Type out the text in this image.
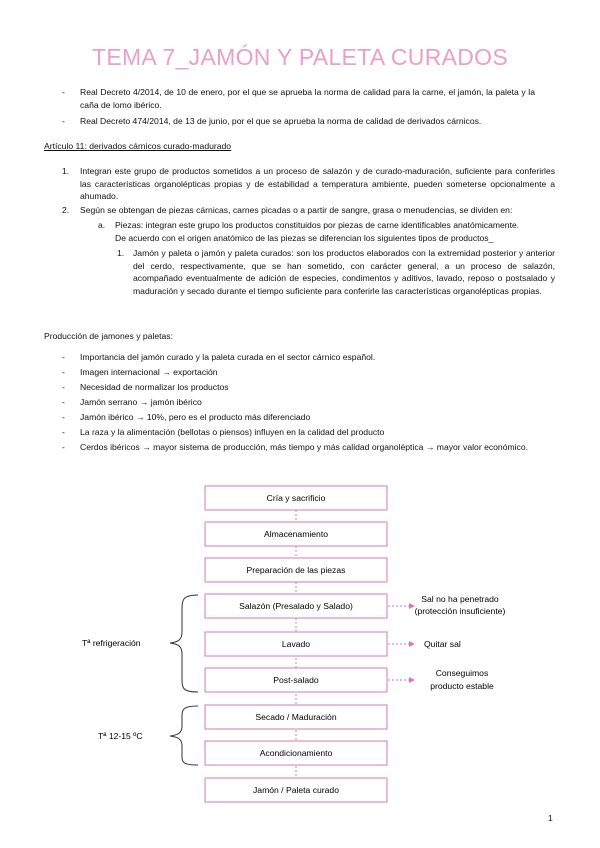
TEMA 7_JAMÓN Y PALETA CURADOS
- Real Decreto 4/2014, de 10 de enero, por el que se aprueba la norma de calidad para la carne, el jamón, la paleta y la caña de lomo ibérico.
- Real Decreto 474/2014, de 13 de junio, por el que se aprueba la norma de calidad de derivados cárnicos.
Artículo 11: derivados cárnicos curado-madurado
1. Integran este grupo de productos sometidos a un proceso de salazón y de curado-maduración, suficiente para conferirles las características organolépticas propias y de estabilidad a temperatura ambiente, pueden someterse opcionalmente a ahumado.
2. Según se obtengan de piezas cárnicas, carnes picadas o a partir de sangre, grasa o menudencias, se dividen en:
a. Piezas: integran este grupo los productos constituidos por piezas de carne identificables anatómicamente.
De acuerdo con el origen anatómico de las piezas se diferencian los siguientes tipos de productos_
1. Jamón y paleta o jamón y paleta curados: son los productos elaborados con la extremidad posterior y anterior del cerdo, respectivamente, que se han sometido, con carácter general, a un proceso de salazón, acompañado eventualmente de adición de especies, condimentos y aditivos, lavado, reposo o postsalado y maduración y secado durante el tiempo suficiente para conferirle las características organolépticas propias.
Producción de jamones y paletas:
- Importancia del jamón curado y la paleta curada en el sector cárnico español.
- Imagen internacional → exportación
- Necesidad de normalizar los productos
- Jamón serrano → jamón ibérico
- Jamón ibérico → 10%, pero es el producto más diferenciado
- La raza y la alimentación (bellotas o piensos) influyen en la calidad del producto
- Cerdos ibéricos → mayor sistema de producción, más tiempo y más calidad organoléptica → mayor valor económico.
Cría y sacrificio
Almacenamiento
Preparación de las piezas
Salazón (Presalado y Salado)
Lavado
Post-salado
Secado / Maduración
Acondicionamiento
Jamón / Paleta curado
Sal no ha penetrado
(protección insuficiente)
Quitar sal
Conseguimos
producto estable
Tª refrigeración
Tª 12-15 ºC
1
